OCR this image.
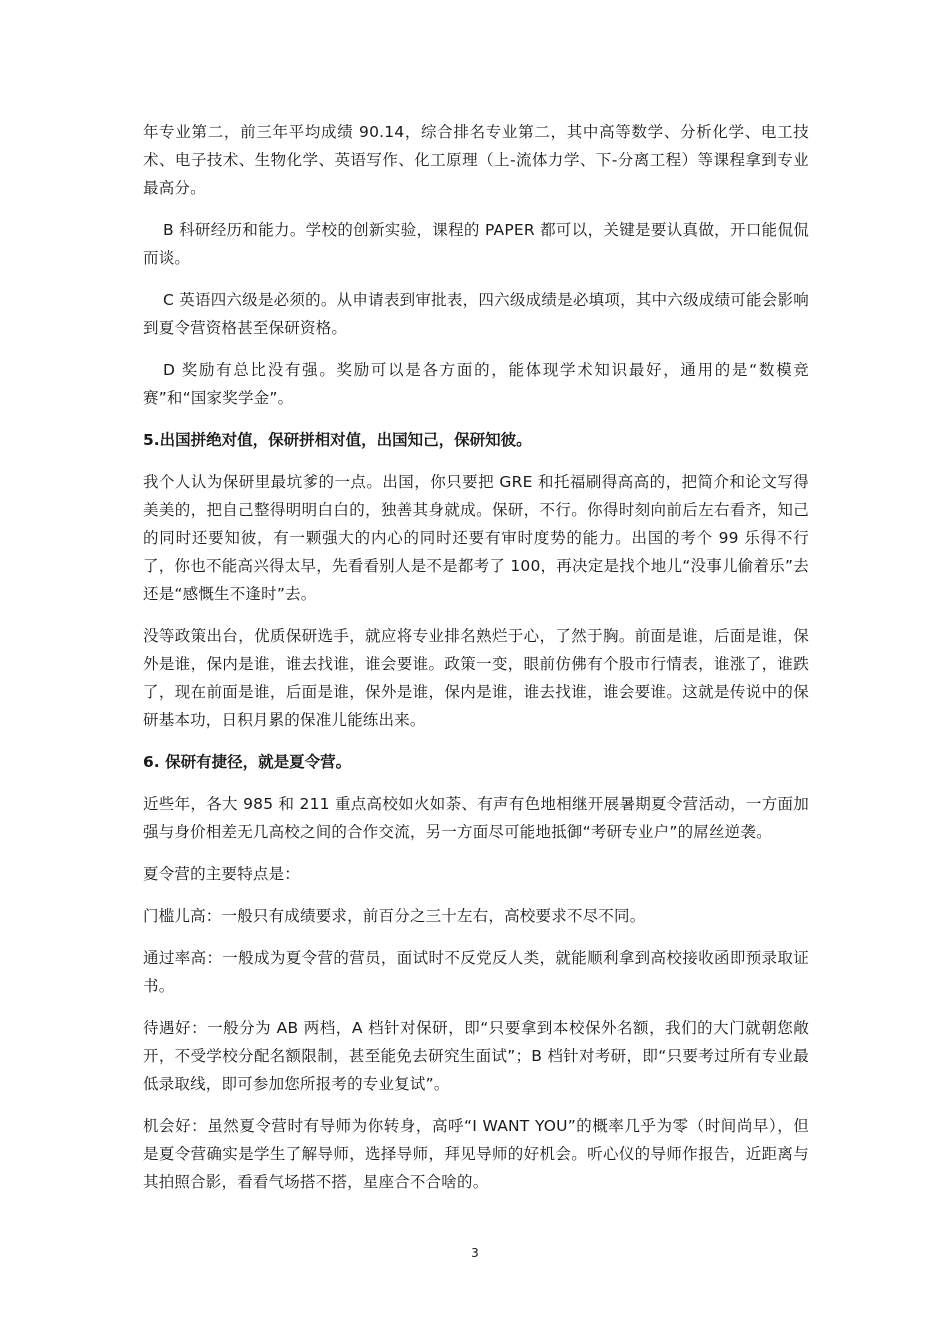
年专业第二，前三年平均成绩 90.14，综合排名专业第二，其中高等数学、分析化学、电工技术、电子技术、生物化学、英语写作、化工原理（上-流体力学、下-分离工程）等课程拿到专业最高分。

B 科研经历和能力。学校的创新实验，课程的 PAPER 都可以，关键是要认真做，开口能侃侃而谈。

C 英语四六级是必须的。从申请表到审批表，四六级成绩是必填项，其中六级成绩可能会影响到夏令营资格甚至保研资格。

D 奖励有总比没有强。奖励可以是各方面的，能体现学术知识最好，通用的是“数模竞赛”和“国家奖学金”。

5.出国拼绝对值，保研拼相对值，出国知己，保研知彼。

我个人认为保研里最坑爹的一点。出国，你只要把 GRE 和托福刷得高高的，把简介和论文写得美美的，把自己整得明明白白的，独善其身就成。保研，不行。你得时刻向前后左右看齐，知己的同时还要知彼，有一颗强大的内心的同时还要有审时度势的能力。出国的考个 99 乐得不行了，你也不能高兴得太早，先看看别人是不是都考了 100，再决定是找个地儿“没事儿偷着乐”去还是“感慨生不逢时”去。

没等政策出台，优质保研选手，就应将专业排名熟烂于心，了然于胸。前面是谁，后面是谁，保外是谁，保内是谁，谁去找谁，谁会要谁。政策一变，眼前仿佛有个股市行情表，谁涨了，谁跌了，现在前面是谁，后面是谁，保外是谁，保内是谁，谁去找谁，谁会要谁。这就是传说中的保研基本功，日积月累的保准儿能练出来。

6. 保研有捷径，就是夏令营。

近些年，各大 985 和 211 重点高校如火如荼、有声有色地相继开展暑期夏令营活动，一方面加强与身价相差无几高校之间的合作交流，另一方面尽可能地抵御“考研专业户”的屌丝逆袭。

夏令营的主要特点是：

门槛儿高：一般只有成绩要求，前百分之三十左右，高校要求不尽不同。

通过率高：一般成为夏令营的营员，面试时不反党反人类，就能顺利拿到高校接收函即预录取证书。

待遇好：一般分为 AB 两档，A 档针对保研，即“只要拿到本校保外名额，我们的大门就朝您敞开，不受学校分配名额限制，甚至能免去研究生面试”；B 档针对考研，即“只要考过所有专业最低录取线，即可参加您所报考的专业复试”。

机会好：虽然夏令营时有导师为你转身，高呼“I WANT YOU”的概率几乎为零（时间尚早），但是夏令营确实是学生了解导师，选择导师，拜见导师的好机会。听心仪的导师作报告，近距离与其拍照合影，看看气场搭不搭，星座合不合啥的。

3
